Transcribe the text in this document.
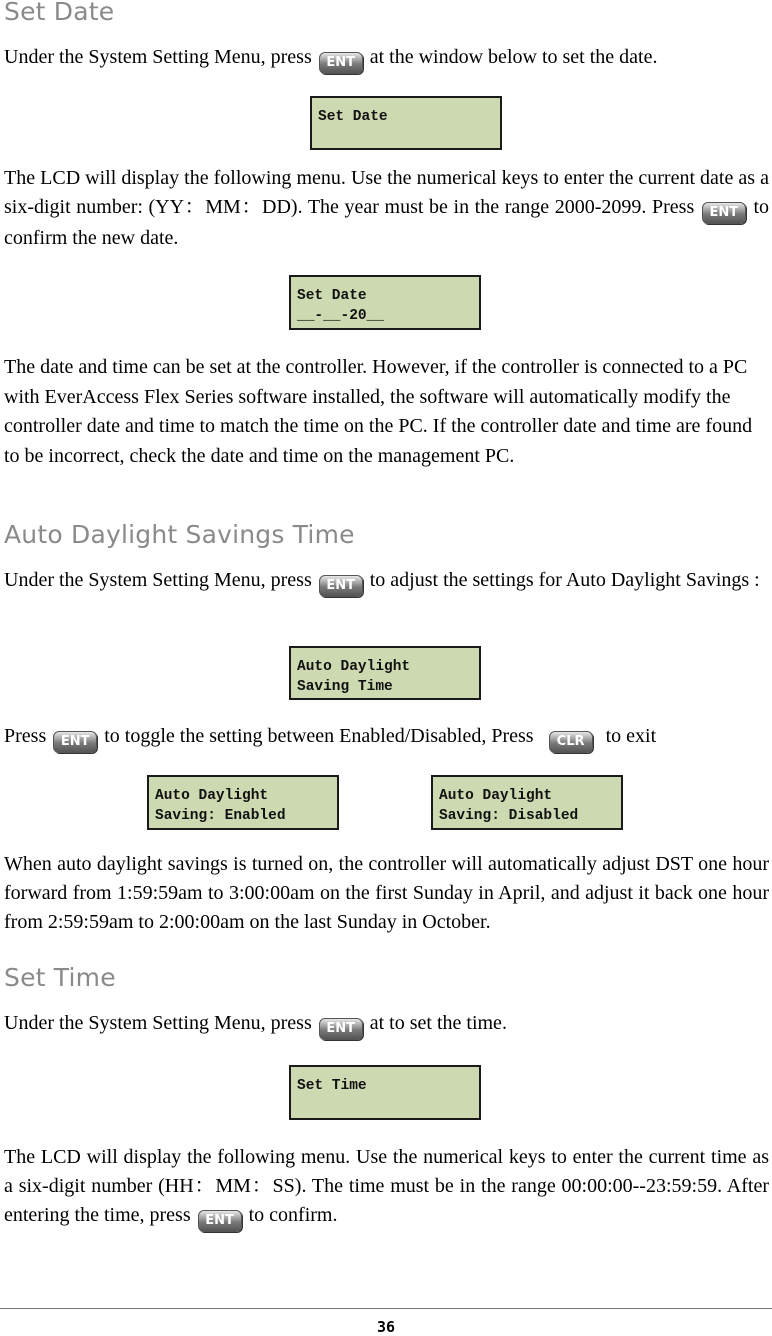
Set Date

Under the System Setting Menu, press ENT at the window below to set the date.

Set Date

The LCD will display the following menu. Use the numerical keys to enter the current date as a six-digit number: (YY：MM：DD). The year must be in the range 2000-2099. Press ENT to confirm the new date.

Set Date
__-__-20__

The date and time can be set at the controller. However, if the controller is connected to a PC with EverAccess Flex Series software installed, the software will automatically modify the controller date and time to match the time on the PC. If the controller date and time are found to be incorrect, check the date and time on the management PC.

Auto Daylight Savings Time

Under the System Setting Menu, press ENT to adjust the settings for Auto Daylight Savings :

Auto Daylight
Saving Time

Press ENT to toggle the setting between Enabled/Disabled, Press CLR to exit

Auto Daylight
Saving: Enabled
Auto Daylight
Saving: Disabled

When auto daylight savings is turned on, the controller will automatically adjust DST one hour forward from 1:59:59am to 3:00:00am on the first Sunday in April, and adjust it back one hour from 2:59:59am to 2:00:00am on the last Sunday in October.

Set Time

Under the System Setting Menu, press ENT at to set the time.

Set Time

The LCD will display the following menu. Use the numerical keys to enter the current time as a six-digit number (HH：MM：SS). The time must be in the range 00:00:00--23:59:59. After entering the time, press ENT to confirm.

36
